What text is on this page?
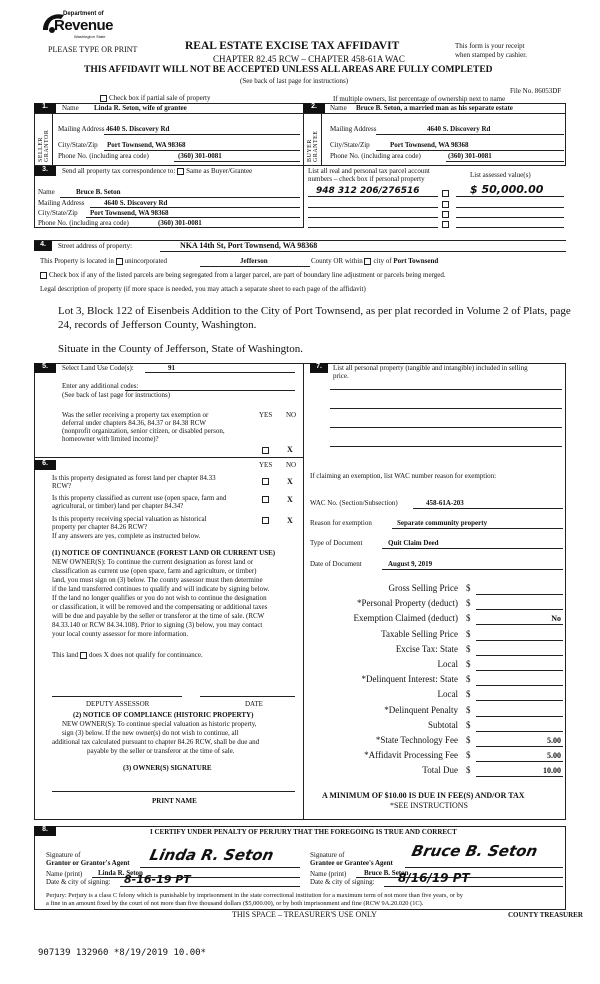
Department of
Revenue
Washington State
PLEASE TYPE OR PRINT	REAL ESTATE EXCISE TAX AFFIDAVIT
CHAPTER 82.45 RCW – CHAPTER 458-61A WAC
THIS AFFIDAVIT WILL NOT BE ACCEPTED UNLESS ALL AREAS ARE FULLY COMPLETED
(See back of last page for instructions)
This form is your receipt
when stamped by cashier.
File No. 86053DF
Check box if partial sale of property	If multiple owners, list percentage of ownership next to name
1.	Name Linda R. Seton, wife of grantee
SELLER GRANTOR
Mailing Address 4640 S. Discovery Rd
City/State/Zip Port Townsend, WA 98368
Phone No. (including area code)	(360) 301-0081
2.	Name Bruce B. Seton, a married man as his separate estate
BUYER GRANTEE
Mailing Address	4640 S. Discovery Rd
City/State/Zip	Port Townsend, WA 98368
Phone No. (including area code)	(360) 301-0081
3.	Send all property tax correspondence to: Same as Buyer/Grantee
Name	Bruce B. Seton
Mailing Address	4640 S. Discovery Rd
City/State/Zip Port Townsend, WA 98368
Phone No. (including area code)	(360) 301-0081
List all real and personal tax parcel account
numbers – check box if personal property	List assessed value(s)
948 312 206/276516	$ 50,000.00
4.	Street address of property:	NKA 14th St, Port Townsend, WA 98368
This Property is located in unincorporated	Jefferson	County OR within city of Port Townsend
Check box if any of the listed parcels are being segregated from a larger parcel, are part of boundary line adjustment or parcels being merged.
Legal description of property (if more space is needed, you may attach a separate sheet to each page of the affidavit)
Lot 3, Block 122 of Eisenbeis Addition to the City of Port Townsend, as per plat recorded in Volume 2 of Plats, page
24, records of Jefferson County, Washington.
Situate in the County of Jefferson, State of Washington.
5.	Select Land Use Code(s):	91
Enter any additional codes:
(See back of last page for instructions)
Was the seller receiving a property tax exemption or
deferral under chapters 84.36, 84.37 or 84.38 RCW
(nonprofit organization, senior citizen, or disabled person,
homeowner with limited income)?
YES NO
X
6.	YES NO
Is this property designated as forest land per chapter 84.33
RCW?	X
Is this property classified as current use (open space, farm and
agricultural, or timber) land per chapter 84.34?
X
Is this property receiving special valuation as historical
property per chapter 84.26 RCW?
X
If any answers are yes, complete as instructed below.
(1) NOTICE OF CONTINUANCE (FOREST LAND OR CURRENT USE)
NEW OWNER(S): To continue the current designation as forest land or
classification as current use (open space, farm and agriculture, or timber)
land, you must sign on (3) below. The county assessor must then determine
if the land transferred continues to qualify and will indicate by signing below.
If the land no longer qualifies or you do not wish to continue the designation
or classification, it will be removed and the compensating or additional taxes
will be due and payable by the seller or transferor at the time of sale. (RCW
84.33.140 or RCW 84.34.108). Prior to signing (3) below, you may contact
your local county assessor for more information.
This land does X does not qualify for continuance.
DEPUTY ASSESSOR	DATE
(2) NOTICE OF COMPLIANCE (HISTORIC PROPERTY)
NEW OWNER(S): To continue special valuation as historic property,
sign (3) below. If the new owner(s) do not wish to continue, all
additional tax calculated pursuant to chapter 84.26 RCW, shall be due and
payable by the seller or transferor at the time of sale.
(3) OWNER(S) SIGNATURE
PRINT NAME
7.	List all personal property (tangible and intangible) included in selling
price.
If claiming an exemption, list WAC number reason for exemption:
WAC No. (Section/Subsection)	458-61A-203
Reason for exemption	Separate community property
Type of Document	Quit Claim Deed
Date of Document	August 9, 2019
Gross Selling Price $
*Personal Property (deduct) $
Exemption Claimed (deduct) $	No
Taxable Selling Price $
Excise Tax: State $
Local $
*Delinquent Interest: State $
Local $
*Delinquent Penalty $
Subtotal $
*State Technology Fee $	5.00
*Affidavit Processing Fee $	5.00
Total Due $	10.00
A MINIMUM OF $10.00 IS DUE IN FEE(S) AND/OR TAX
*SEE INSTRUCTIONS
8.	I CERTIFY UNDER PENALTY OF PERJURY THAT THE FOREGOING IS TRUE AND CORRECT
Signature of
Grantor or Grantor's Agent Linda R. Seton
Name (print) Linda R. Seton
Date & city of signing: 8-16-19 PT
Signature of
Grantee or Grantee's Agent
Bruce B. Seton
Name (print)	Bruce B. Seton
Date & city of signing: 8/16/19 PT
Perjury: Perjury is a class C felony which is punishable by imprisonment in the state correctional institution for a maximum term of not more than five years, or by
a fine in an amount fixed by the court of not more than five thousand dollars ($5,000.00), or by both imprisonment and fine (RCW 9A.20.020 (1C).
THIS SPACE – TREASURER'S USE ONLY	COUNTY TREASURER
907139 132960 *8/19/2019 10.00*
